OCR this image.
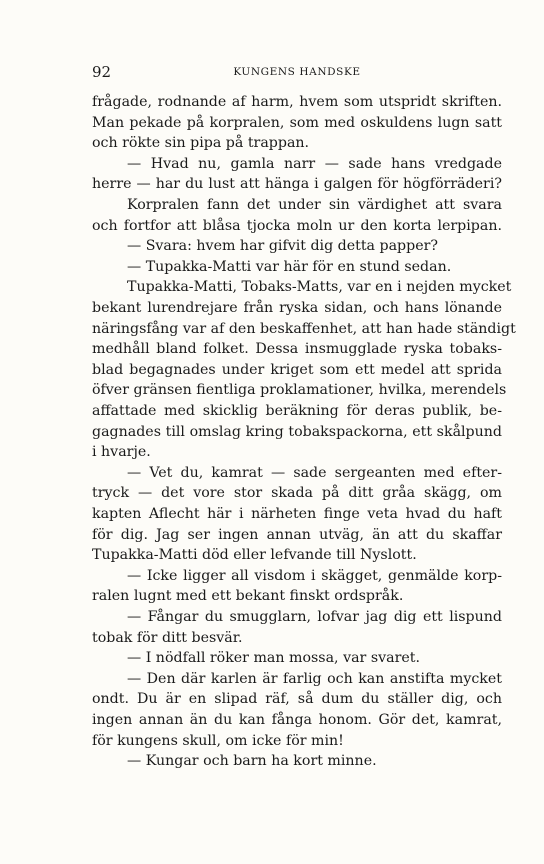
92	KUNGENS HANDSKE
frågade, rodnande af harm, hvem som utspridt skriften.
Man pekade på korpralen, som med oskuldens lugn satt
och rökte sin pipa på trappan.
— Hvad nu, gamla narr — sade hans vredgade
herre — har du lust att hänga i galgen för högförräderi?
Korpralen fann det under sin värdighet att svara
och fortfor att blåsa tjocka moln ur den korta lerpipan.
— Svara: hvem har gifvit dig detta papper?
— Tupakka-Matti var här för en stund sedan.
Tupakka-Matti, Tobaks-Matts, var en i nejden mycket
bekant lurendrejare från ryska sidan, och hans lönande
näringsfång var af den beskaffenhet, att han hade ständigt
medhåll bland folket. Dessa insmugglade ryska tobaks-
blad begagnades under kriget som ett medel att sprida
öfver gränsen fientliga proklamationer, hvilka, merendels
affattade med skicklig beräkning för deras publik, be-
gagnades till omslag kring tobakspackorna, ett skålpund
i hvarje.
— Vet du, kamrat — sade sergeanten med efter-
tryck — det vore stor skada på ditt gråa skägg, om
kapten Aflecht här i närheten finge veta hvad du haft
för dig. Jag ser ingen annan utväg, än att du skaffar
Tupakka-Matti död eller lefvande till Nyslott.
— Icke ligger all visdom i skägget, genmälde korp-
ralen lugnt med ett bekant finskt ordspråk.
— Fångar du smugglarn, lofvar jag dig ett lispund
tobak för ditt besvär.
— I nödfall röker man mossa, var svaret.
— Den där karlen är farlig och kan anstifta mycket
ondt. Du är en slipad räf, så dum du ställer dig, och
ingen annan än du kan fånga honom. Gör det, kamrat,
för kungens skull, om icke för min!
— Kungar och barn ha kort minne.
